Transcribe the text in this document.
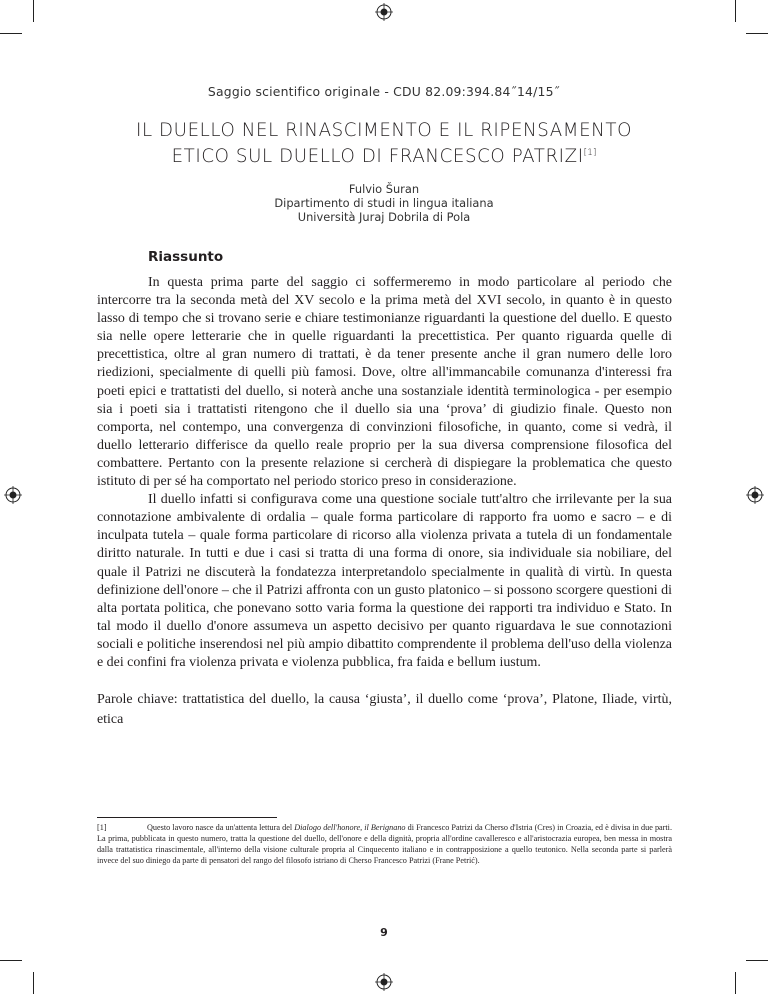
Saggio scientifico originale - CDU 82.09:394.84˝14/15˝
IL DUELLO NEL RINASCIMENTO E IL RIPENSAMENTO
ETICO SUL DUELLO DI FRANCESCO PATRIZI[1]
Fulvio Šuran
Dipartimento di studi in lingua italiana
Università Juraj Dobrila di Pola
Riassunto

In questa prima parte del saggio ci soffermeremo in modo particolare al periodo che intercorre tra la seconda metà del XV secolo e la prima metà del XVI secolo, in quanto è in questo lasso di tempo che si trovano serie e chiare testimonianze riguardanti la questione del duello. E questo sia nelle opere letterarie che in quelle riguardanti la precettistica. Per quanto riguarda quelle di precettistica, oltre al gran numero di trattati, è da tener presente anche il gran numero delle loro riedizioni, specialmente di quelli più famosi. Dove, oltre all'immancabile comunanza d'interessi fra poeti epici e trattatisti del duello, si noterà anche una sostanziale identità terminologica - per esempio sia i poeti sia i trattatisti ritengono che il duello sia una ‘prova’ di giudizio finale. Questo non comporta, nel contempo, una convergenza di convinzioni filosofiche, in quanto, come si vedrà, il duello letterario differisce da quello reale proprio per la sua diversa comprensione filosofica del combattere. Pertanto con la presente relazione si cercherà di dispiegare la problematica che questo istituto di per sé ha comportato nel periodo storico preso in considerazione.

Il duello infatti si configurava come una questione sociale tutt'altro che irrilevante per la sua connotazione ambivalente di ordalia – quale forma particolare di rapporto fra uomo e sacro – e di inculpata tutela – quale forma particolare di ricorso alla violenza privata a tutela di un fondamentale diritto naturale. In tutti e due i casi si tratta di una forma di onore, sia individuale sia nobiliare, del quale il Patrizi ne discuterà la fondatezza interpretandolo specialmente in qualità di virtù. In questa definizione dell'onore – che il Patrizi affronta con un gusto platonico – si possono scorgere questioni di alta portata politica, che ponevano sotto varia forma la questione dei rapporti tra individuo e Stato. In tal modo il duello d'onore assumeva un aspetto decisivo per quanto riguardava le sue connotazioni sociali e politiche inserendosi nel più ampio dibattito comprendente il problema dell'uso della violenza e dei confini fra violenza privata e violenza pubblica, fra faida e bellum iustum.

Parole chiave: trattatistica del duello, la causa ‘giusta’, il duello come ‘prova’, Platone, Iliade, virtù, etica

[1]	Questo lavoro nasce da un'attenta lettura del Dialogo dell'honore, il Berignano di Francesco Patrizi da Cherso d'Istria (Cres) in Croazia, ed è divisa in due parti. La prima, pubblicata in questo numero, tratta la questione del duello, dell'onore e della dignità, propria all'ordine cavalleresco e all'aristocrazia europea, ben messa in mostra dalla trattatistica rinascimentale, all'interno della visione culturale propria al Cinquecento italiano e in contrapposizione a quello teutonico. Nella seconda parte si parlerà invece del suo diniego da parte di pensatori del rango del filosofo istriano di Cherso Francesco Patrizi (Frane Petrić).

9
